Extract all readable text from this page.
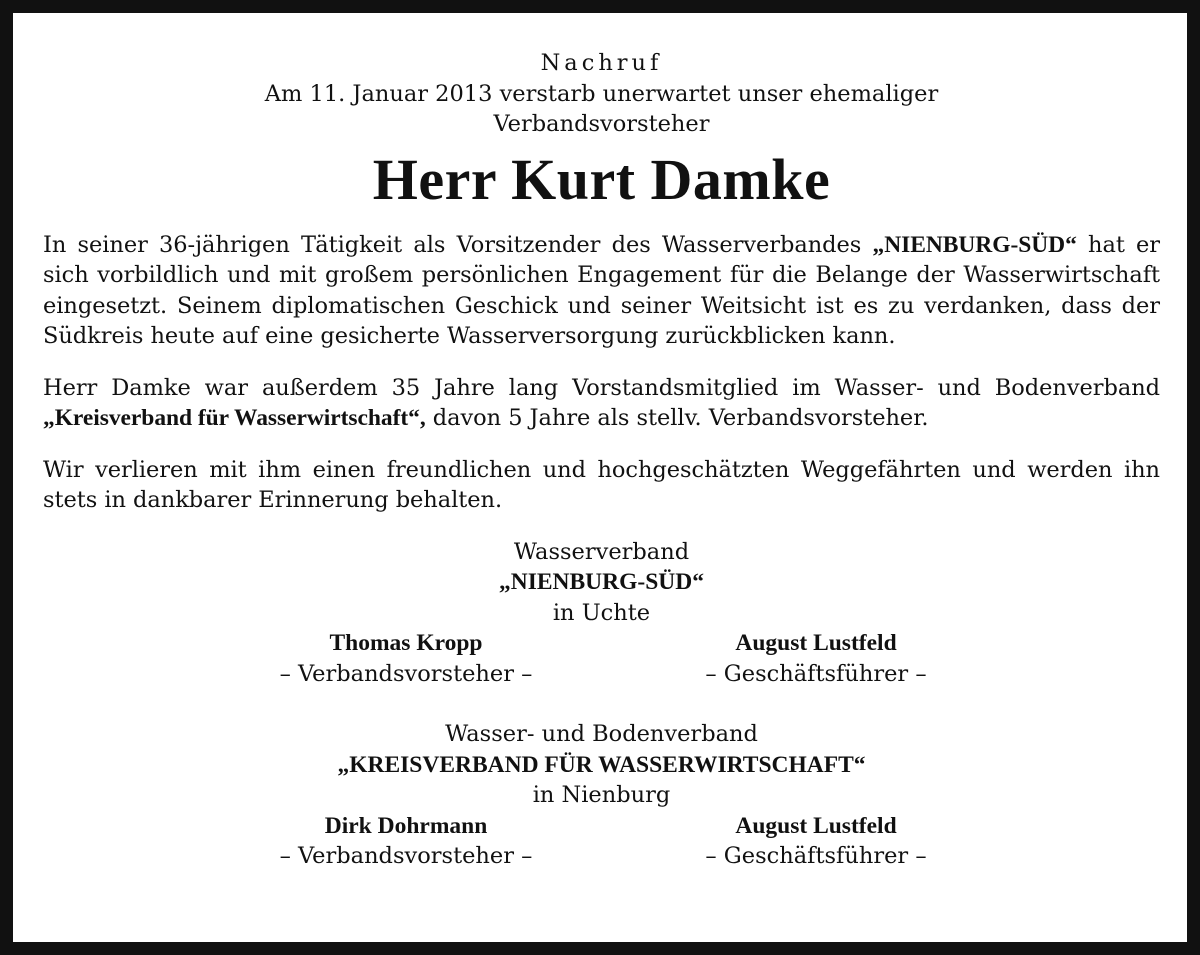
Nachruf
Am 11. Januar 2013 verstarb unerwartet unser ehemaliger
Verbandsvorsteher
Herr Kurt Damke

In seiner 36-jährigen Tätigkeit als Vorsitzender des Wasserverbandes „NIENBURG-SÜD“ hat er sich vorbildlich und mit großem persönlichen Engagement für die Belange der Wasserwirtschaft eingesetzt. Seinem diplomatischen Geschick und seiner Weitsicht ist es zu verdanken, dass der Südkreis heute auf eine gesicherte Wasserversorgung zurückblicken kann.

Herr Damke war außerdem 35 Jahre lang Vorstandsmitglied im Wasser- und Bodenverband „Kreisverband für Wasserwirtschaft“, davon 5 Jahre als stellv. Verbandsvorsteher.

Wir verlieren mit ihm einen freundlichen und hochgeschätzten Weggefährten und werden ihn stets in dankbarer Erinnerung behalten.

Wasserverband
„NIENBURG-SÜD“
in Uchte
Thomas Kropp
– Verbandsvorsteher –
August Lustfeld
– Geschäftsführer –
Wasser- und Bodenverband
„KREISVERBAND FÜR WASSERWIRTSCHAFT“
in Nienburg
Dirk Dohrmann
– Verbandsvorsteher –
August Lustfeld
– Geschäftsführer –
